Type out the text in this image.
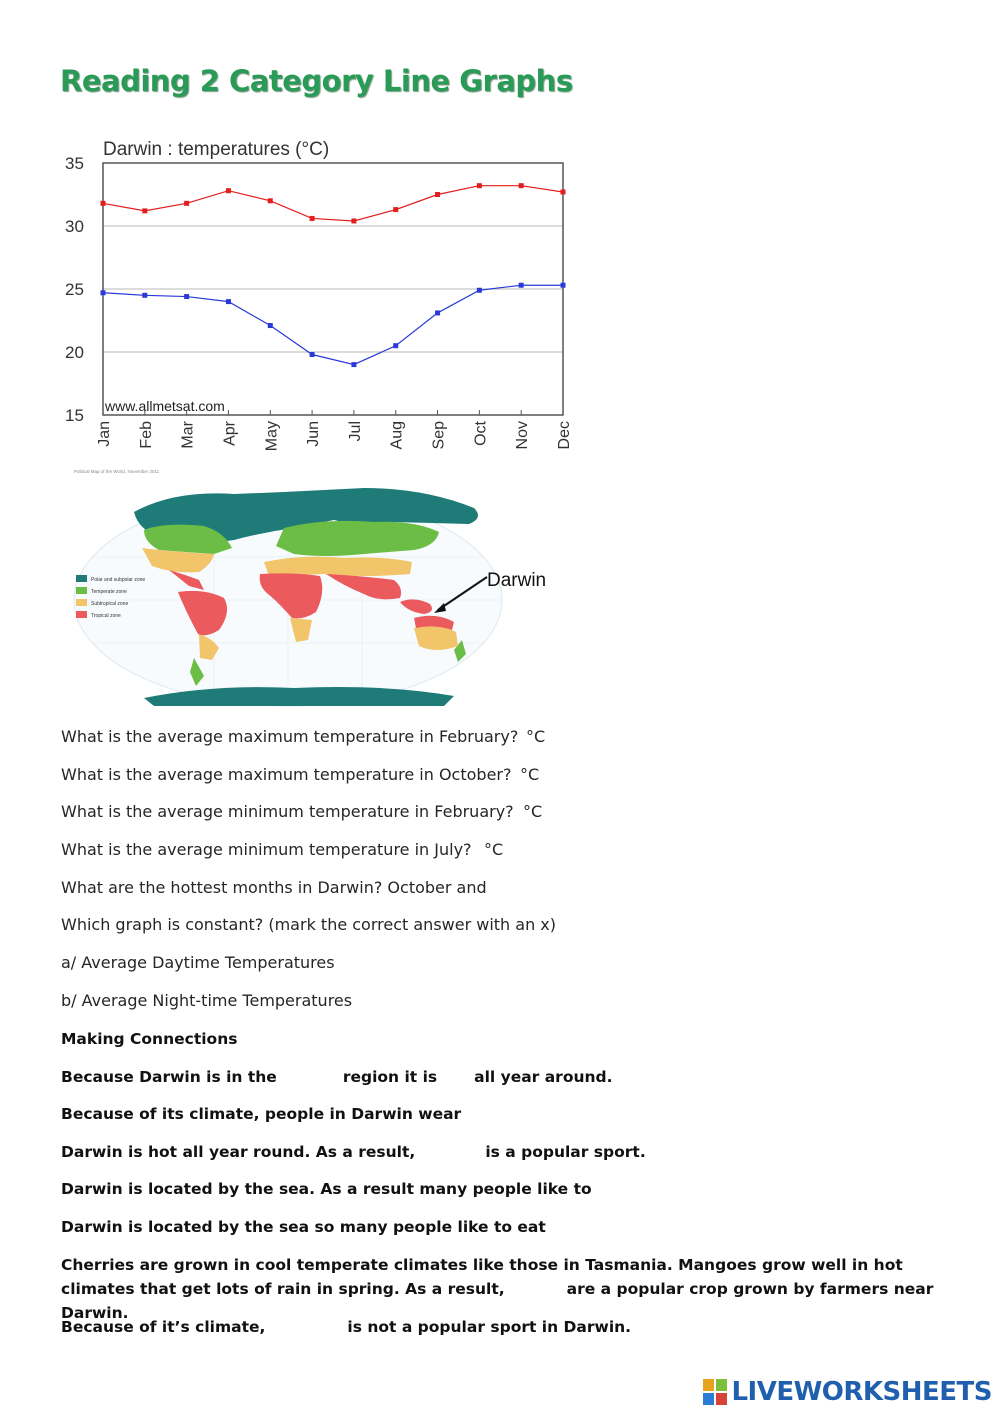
Reading 2 Category Line Graphs
Darwin : temperatures (°C)
15
20
25
30
35
Jan Feb Mar Apr May Jun Jul Aug Sep Oct Nov Dec
www.allmetsat.com
Political Map of the World, November 2011
Polar and subpolar zone
Temperate zone
Subtropical zone
Tropical zone
Darwin
What is the average maximum temperature in February? °C
What is the average maximum temperature in October? °C
What is the average minimum temperature in February? °C
What is the average minimum temperature in July? °C
What are the hottest months in Darwin? October and
Which graph is constant? (mark the correct answer with an x)
a/ Average Daytime Temperatures
b/ Average Night-time Temperatures
Making Connections
Because Darwin is in the	region it is all year around.
Because of its climate, people in Darwin wear
Darwin is hot all year round. As a result,	is a popular sport.
Darwin is located by the sea. As a result many people like to
Darwin is located by the sea so many people like to eat
Cherries are grown in cool temperate climates like those in Tasmania. Mangoes grow well in hot climates that get lots of rain in spring. As a result,	are a popular crop grown by farmers near Darwin.
Because of it’s climate,	is not a popular sport in Darwin.
LIVEWORKSHEETS
